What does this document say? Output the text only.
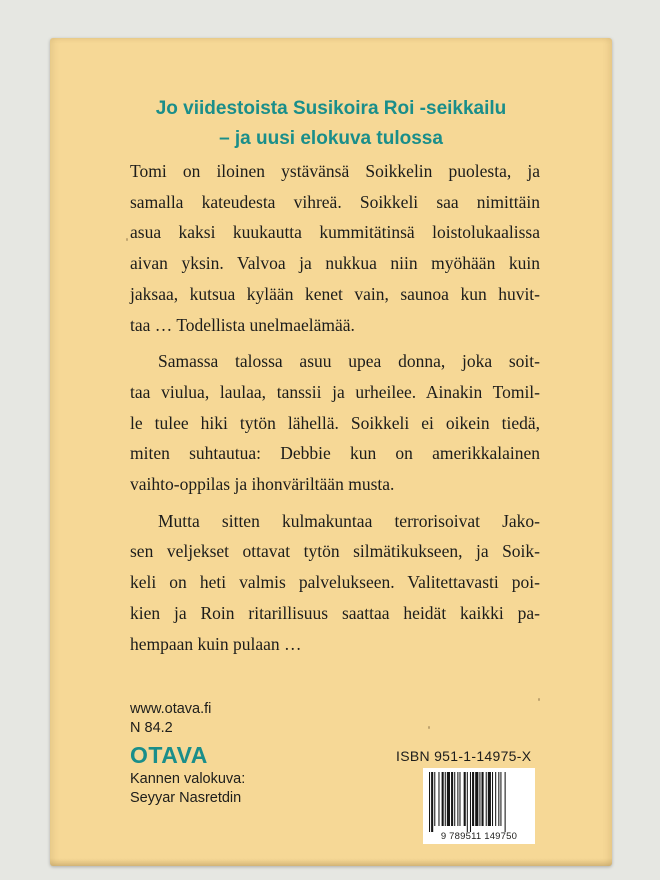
Jo viidestoista Susikoira Roi -seikkailu
– ja uusi elokuva tulossa
Tomi on iloinen ystävänsä Soikkelin puolesta, ja
samalla kateudesta vihreä. Soikkeli saa nimittäin
asua kaksi kuukautta kummitätinsä loistolukaalissa
aivan yksin. Valvoa ja nukkua niin myöhään kuin
jaksaa, kutsua kylään kenet vain, saunoa kun huvit-
taa … Todellista unelmaelämää.
Samassa talossa asuu upea donna, joka soit-
taa viulua, laulaa, tanssii ja urheilee. Ainakin Tomil-
le tulee hiki tytön lähellä. Soikkeli ei oikein tiedä,
miten suhtautua: Debbie kun on amerikkalainen
vaihto-oppilas ja ihonväriltään musta.
Mutta sitten kulmakuntaa terrorisoivat Jako-
sen veljekset ottavat tytön silmätikukseen, ja Soik-
keli on heti valmis palvelukseen. Valitettavasti poi-
kien ja Roin ritarillisuus saattaa heidät kaikki pa-
hempaan kuin pulaan …
www.otava.fi
N 84.2
OTAVA
Kannen valokuva:
Seyyar Nasretdin
ISBN 951-1-14975-X
9 789511 149750
